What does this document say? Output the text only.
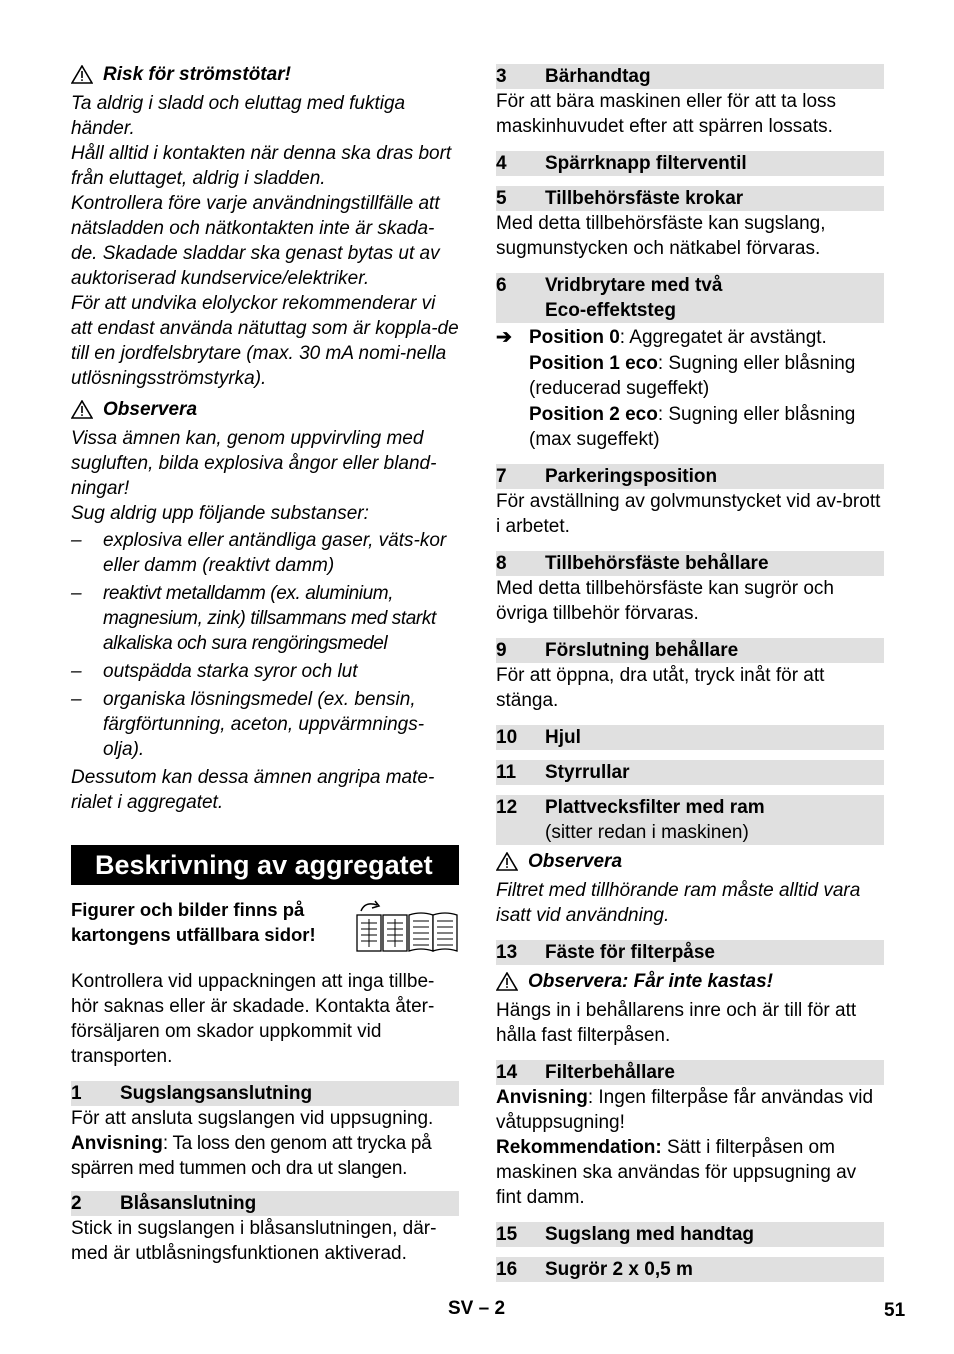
Risk för strömstötar!

Ta aldrig i sladd och eluttag med fuktiga händer.

Håll alltid i kontakten när denna ska dras bort från eluttaget, aldrig i sladden.

Kontrollera före varje användningstillfälle att nätsladden och nätkontakten inte är skada-de. Skadade sladdar ska genast bytas ut av auktoriserad kundservice/elektriker.

För att undvika elolyckor rekommenderar vi att endast använda nätuttag som är koppla-de till en jordfelsbrytare (max. 30 mA nomi-nella utlösningsströmstyrka).

Observera

Vissa ämnen kan, genom uppvirvling med sugluften, bilda explosiva ångor eller bland-ningar!

Sug aldrig upp följande substanser:

– explosiva eller antändliga gaser, väts-kor eller damm (reaktivt damm)
– reaktivt metalldamm (ex. aluminium, magnesium, zink) tillsammans med starkt alkaliska och sura rengöringsmedel
– outspädda starka syror och lut
– organiska lösningsmedel (ex. bensin, färgförtunning, aceton, uppvärmnings-olja).

Dessutom kan dessa ämnen angripa mate-rialet i aggregatet.

Beskrivning av aggregatet
Figurer och bilder finns på kartongens utfällbara sidor!

Kontrollera vid uppackningen att inga tillbe-hör saknas eller är skadade. Kontakta åter-försäljaren om skador uppkommit vid transporten.

1	Sugslangsanslutning

För att ansluta sugslangen vid uppsugning.

Anvisning: Ta loss den genom att trycka på spärren med tummen och dra ut slangen.

2	Blåsanslutning

Stick in sugslangen i blåsanslutningen, där-med är utblåsningsfunktionen aktiverad.

3	Bärhandtag

För att bära maskinen eller för att ta loss maskinhuvudet efter att spärren lossats.

4	Spärrknapp filterventil
5	Tillbehörsfäste krokar

Med detta tillbehörsfäste kan sugslang, sugmunstycken och nätkabel förvaras.

6	Vridbrytare med två Eco-effektsteg
➔ Position 0: Aggregatet är avstängt.

Position 1 eco: Sugning eller blåsning (reducerad sugeffekt)

Position 2 eco: Sugning eller blåsning (max sugeffekt)

7	Parkeringsposition

För avställning av golvmunstycket vid av-brott i arbetet.

8	Tillbehörsfäste behållare

Med detta tillbehörsfäste kan sugrör och övriga tillbehör förvaras.

9	Förslutning behållare

För att öppna, dra utåt, tryck inåt för att stänga.

10	Hjul
11	Styrrullar
12	Plattvecksfilter med ram
(sitter redan i maskinen)
Observera

Filtret med tillhörande ram måste alltid vara isatt vid användning.

13	Fäste för filterpåse
Observera: Får inte kastas!

Hängs in i behållarens inre och är till för att hålla fast filterpåsen.

14	Filterbehållare

Anvisning: Ingen filterpåse får användas vid våtuppsugning!

Rekommendation: Sätt i filterpåsen om maskinen ska användas för uppsugning av fint damm.

15	Sugslang med handtag
16	Sugrör 2 x 0,5 m
SV – 2	51
